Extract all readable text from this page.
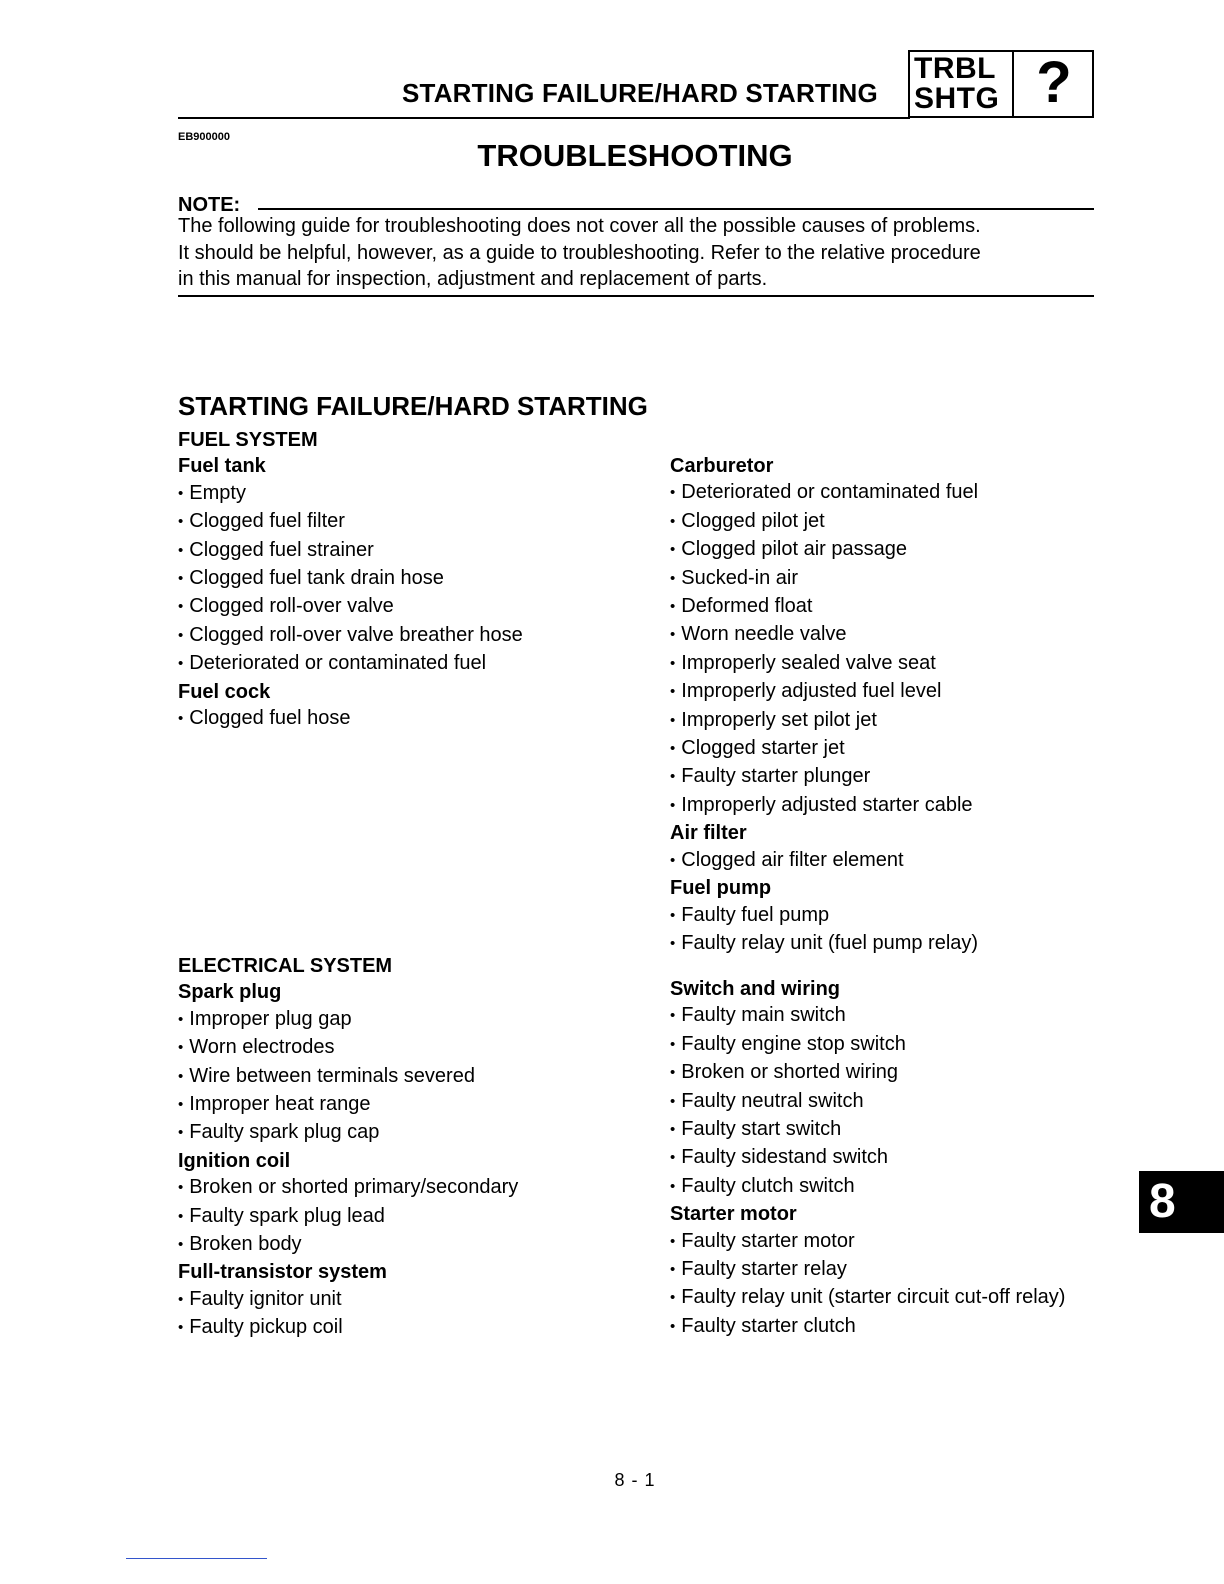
STARTING FAILURE/HARD STARTING
TRBL
SHTG ?
EB900000
TROUBLESHOOTING
NOTE:
The following guide for troubleshooting does not cover all the possible causes of problems.
It should be helpful, however, as a guide to troubleshooting. Refer to the relative procedure
in this manual for inspection, adjustment and replacement of parts.
STARTING FAILURE/HARD STARTING
FUEL SYSTEM
Fuel tank
• Empty
• Clogged fuel filter
• Clogged fuel strainer
• Clogged fuel tank drain hose
• Clogged roll-over valve
• Clogged roll-over valve breather hose
• Deteriorated or contaminated fuel
Fuel cock
• Clogged fuel hose
Carburetor
• Deteriorated or contaminated fuel
• Clogged pilot jet
• Clogged pilot air passage
• Sucked-in air
• Deformed float
• Worn needle valve
• Improperly sealed valve seat
• Improperly adjusted fuel level
• Improperly set pilot jet
• Clogged starter jet
• Faulty starter plunger
• Improperly adjusted starter cable
Air filter
• Clogged air filter element
Fuel pump
• Faulty fuel pump
• Faulty relay unit (fuel pump relay)
ELECTRICAL SYSTEM
Spark plug
• Improper plug gap
• Worn electrodes
• Wire between terminals severed
• Improper heat range
• Faulty spark plug cap
Ignition coil
• Broken or shorted primary/secondary
• Faulty spark plug lead
• Broken body
Full-transistor system
• Faulty ignitor unit
• Faulty pickup coil
Switch and wiring
• Faulty main switch
• Faulty engine stop switch
• Broken or shorted wiring
• Faulty neutral switch
• Faulty start switch
• Faulty sidestand switch
• Faulty clutch switch
Starter motor
• Faulty starter motor
• Faulty starter relay
• Faulty relay unit (starter circuit cut-off relay)
• Faulty starter clutch
8
8 - 1
